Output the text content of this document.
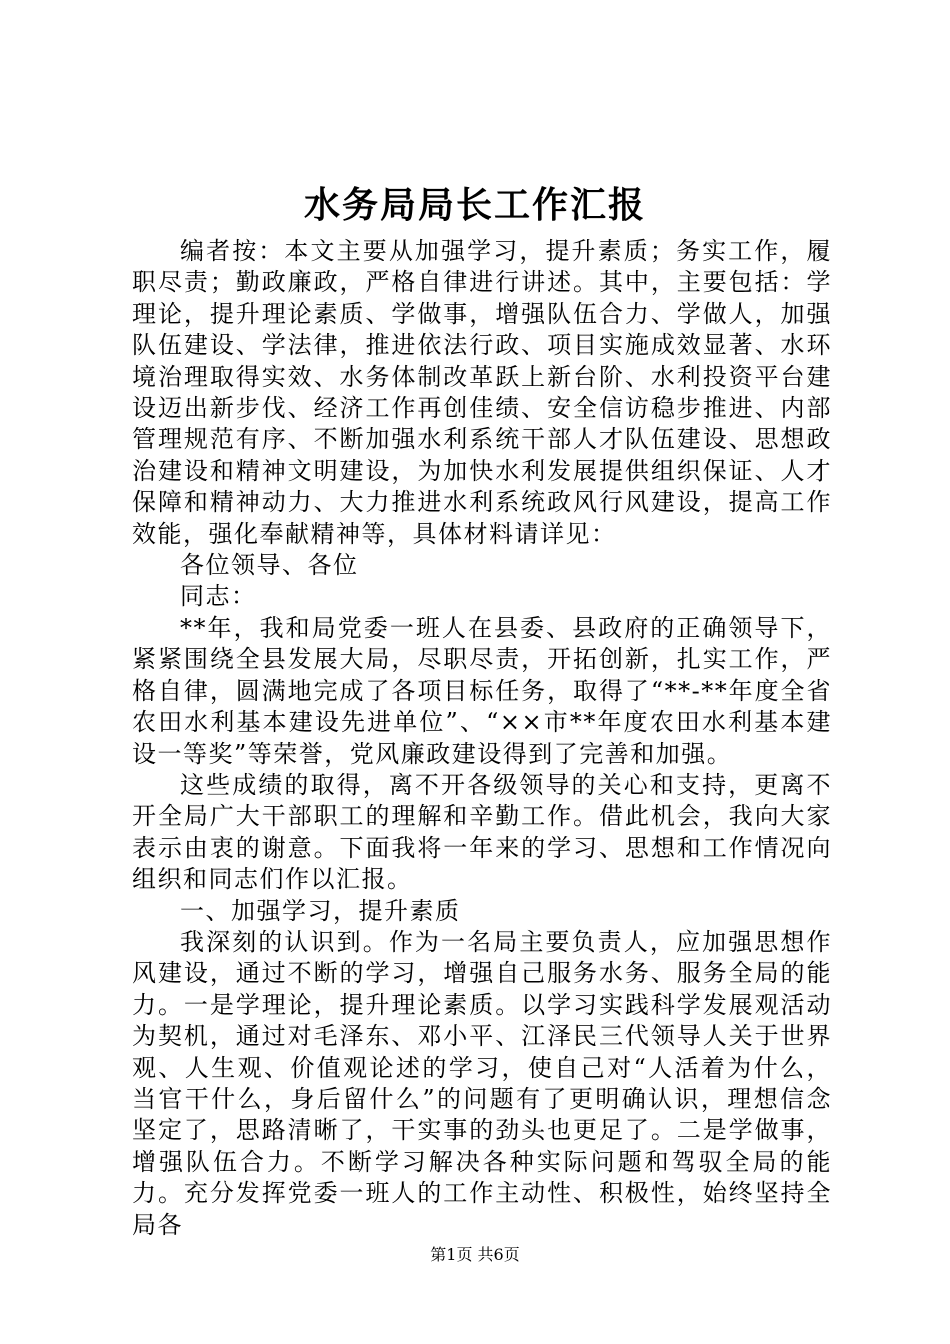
水务局局长工作汇报

编者按：本文主要从加强学习，提升素质；务实工作，履职尽责；勤政廉政，严格自律进行讲述。其中，主要包括：学理论，提升理论素质、学做事，增强队伍合力、学做人，加强队伍建设、学法律，推进依法行政、项目实施成效显著、水环境治理取得实效、水务体制改革跃上新台阶、水利投资平台建设迈出新步伐、经济工作再创佳绩、安全信访稳步推进、内部管理规范有序、不断加强水利系统干部人才队伍建设、思想政治建设和精神文明建设，为加快水利发展提供组织保证、人才保障和精神动力、大力推进水利系统政风行风建设，提高工作效能，强化奉献精神等，具体材料请详见：

各位领导、各位

同志：

**年，我和局党委一班人在县委、县政府的正确领导下，紧紧围绕全县发展大局，尽职尽责，开拓创新，扎实工作，严格自律，圆满地完成了各项目标任务，取得了“**-**年度全省农田水利基本建设先进单位”、“××市**年度农田水利基本建设一等奖”等荣誉，党风廉政建设得到了完善和加强。

这些成绩的取得，离不开各级领导的关心和支持，更离不开全局广大干部职工的理解和辛勤工作。借此机会，我向大家表示由衷的谢意。下面我将一年来的学习、思想和工作情况向组织和同志们作以汇报。

一、加强学习，提升素质

我深刻的认识到。作为一名局主要负责人，应加强思想作风建设，通过不断的学习，增强自己服务水务、服务全局的能力。一是学理论，提升理论素质。以学习实践科学发展观活动为契机，通过对毛泽东、邓小平、江泽民三代领导人关于世界观、人生观、价值观论述的学习，使自己对“人活着为什么，当官干什么，身后留什么”的问题有了更明确认识，理想信念坚定了，思路清晰了，干实事的劲头也更足了。二是学做事，增强队伍合力。不断学习解决各种实际问题和驾驭全局的能力。充分发挥党委一班人的工作主动性、积极性，始终坚持全局各

第1页 共6页
